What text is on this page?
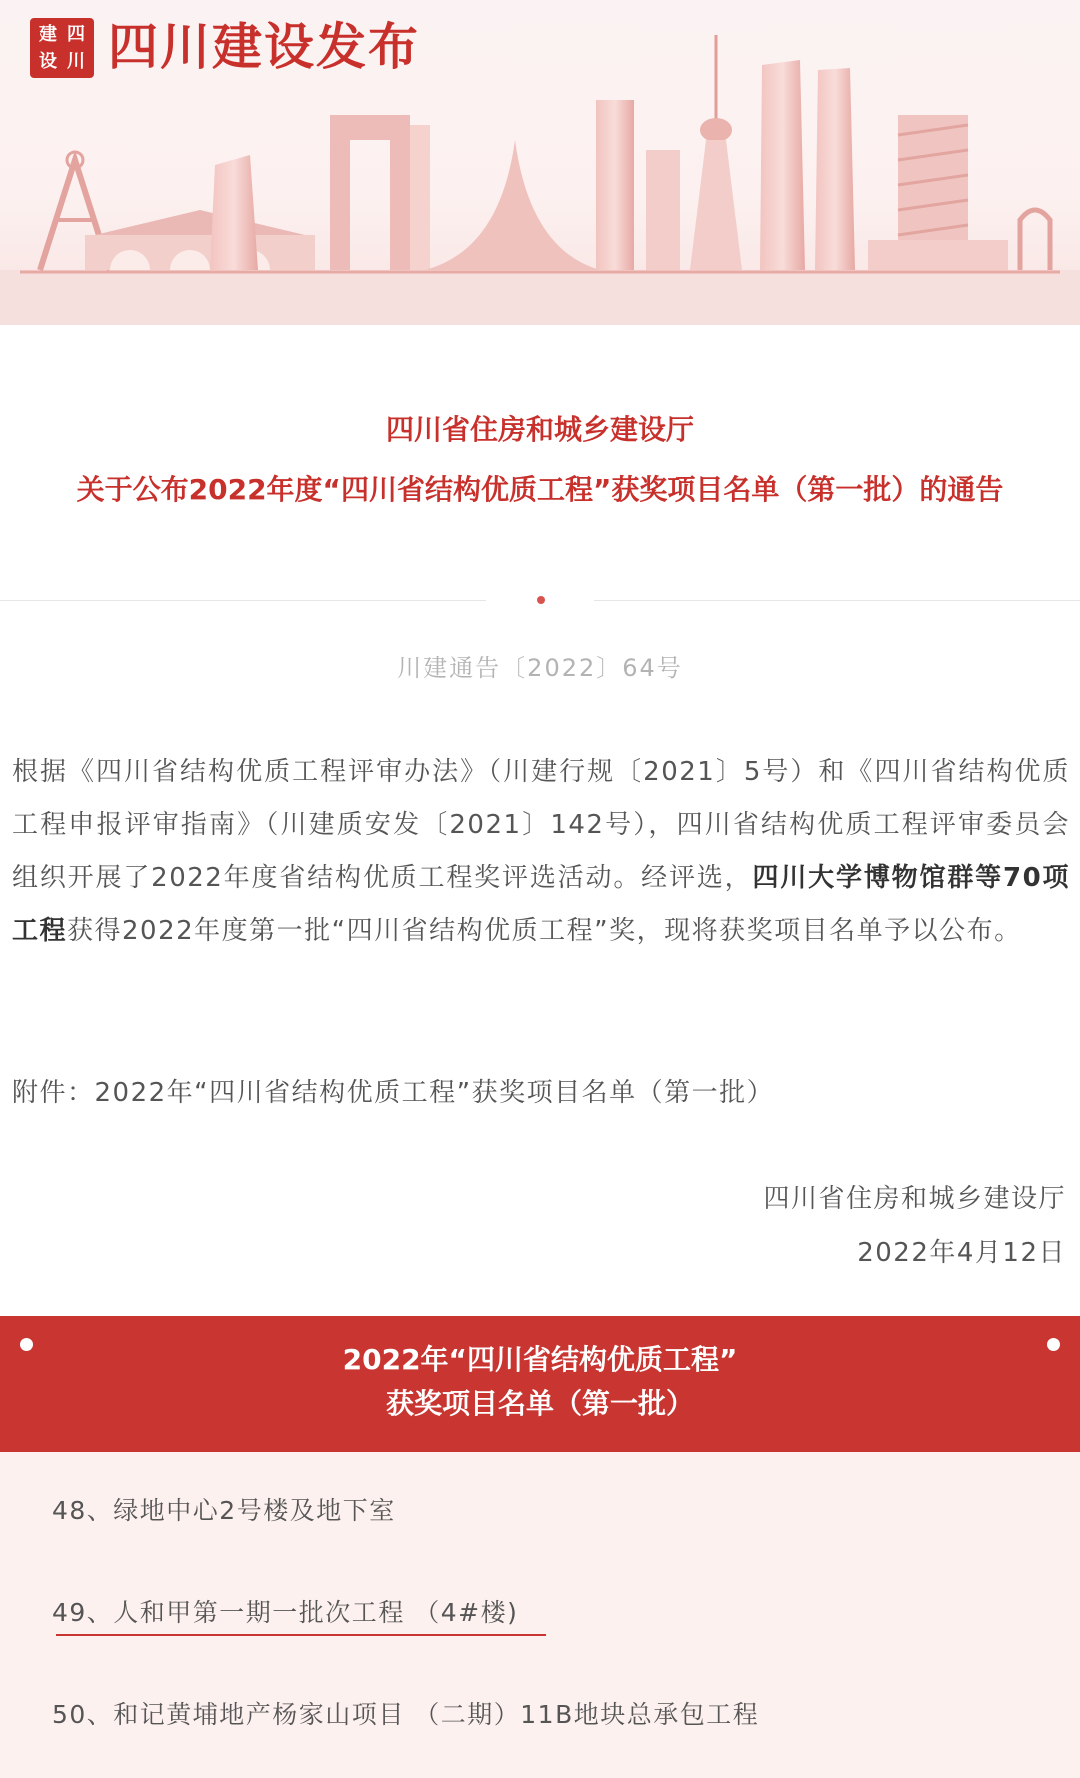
建 四
设 川 四川建设发布
四川省住房和城乡建设厅
关于公布2022年度“四川省结构优质工程”获奖项目名单（第一批）的通告
川建通告〔2022〕64号
根据《四川省结构优质工程评审办法》（川建行规〔2021〕5号）和《四川省结构优质工程申报评审指南》（川建质安发〔2021〕142号），四川省结构优质工程评审委员会组织开展了2022年度省结构优质工程奖评选活动。经评选，四川大学博物馆群等70项工程获得2022年度第一批“四川省结构优质工程”奖，现将获奖项目名单予以公布。
附件：2022年“四川省结构优质工程”获奖项目名单（第一批）
四川省住房和城乡建设厅
2022年4月12日
2022年“四川省结构优质工程”
获奖项目名单（第一批）
48、绿地中心2号楼及地下室
49、人和甲第一期一批次工程 （4#楼)
50、和记黄埔地产杨家山项目 （二期）11B地块总承包工程
